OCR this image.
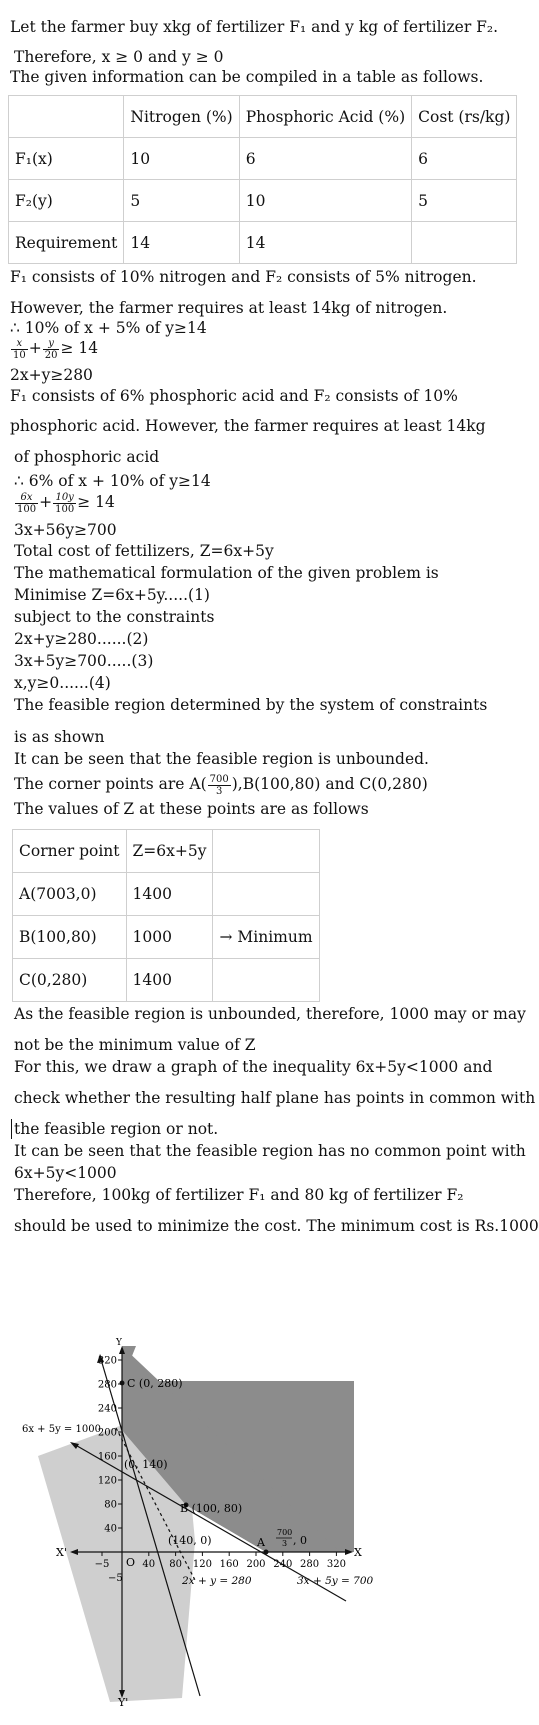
Let the farmer buy xkg of fertilizer F₁ and y kg of fertilizer F₂.
Therefore, x ≥ 0 and y ≥ 0
The given information can be compiled in a table as follows.
	Nitrogen (%)	Phosphoric Acid (%)	Cost (rs/kg)
F₁(x)	10	6	6
F₂(y)	5	10	5
Requirement	14	14	
F₁ consists of 10% nitrogen and F₂ consists of 5% nitrogen.
However, the farmer requires at least 14kg of nitrogen.
∴ 10% of x + 5% of y≥14
$\frac{x}{10} + \frac{y}{20} \ge 14$
2x+y≥280
F₁ consists of 6% phosphoric acid and F₂ consists of 10%
phosphoric acid. However, the farmer requires at least 14kg
of phosphoric acid
∴ 6% of x + 10% of y≥14
$\frac{6x}{100} + \frac{10y}{100} \ge 14$
3x+56y≥700
Total cost of fettilizers, Z=6x+5y
The mathematical formulation of the given problem is
Minimise Z=6x+5y.....(1)
subject to the constraints
2x+y≥280......(2)
3x+5y≥700.....(3)
x,y≥0......(4)
The feasible region determined by the system of constraints
is as shown
It can be seen that the feasible region is unbounded.
The corner points are $A( \frac{700}{3} ),B(100,80)$ and C(0,280)
The values of Z at these points are as follows
Corner point	Z=6x+5y	
A(7003,0)	1400	
B(100,80)	1000	→ Minimum
C(0,280)	1400	
As the feasible region is unbounded, therefore, 1000 may or may
not be the minimum value of Z
For this, we draw a graph of the inequality 6x+5y<1000 and
check whether the resulting half plane has points in common with
the feasible region or not.
It can be seen that the feasible region has no common point with
6x+5y<1000
Therefore, 100kg of fertilizer F₁ and 80 kg of fertilizer F₂
should be used to minimize the cost. The minimum cost is Rs.1000
C (0, 280)
B (100, 80)
A
700
3 , 0
(0, 140)
(140, 0)
6x + 5y = 1000
2x + y = 280	3x + 5y = 700
O
X
X'
Y'
Y
−5
40
80
120
160
200
240
280
320
−5	40 80 120 160 200 240 280 320
